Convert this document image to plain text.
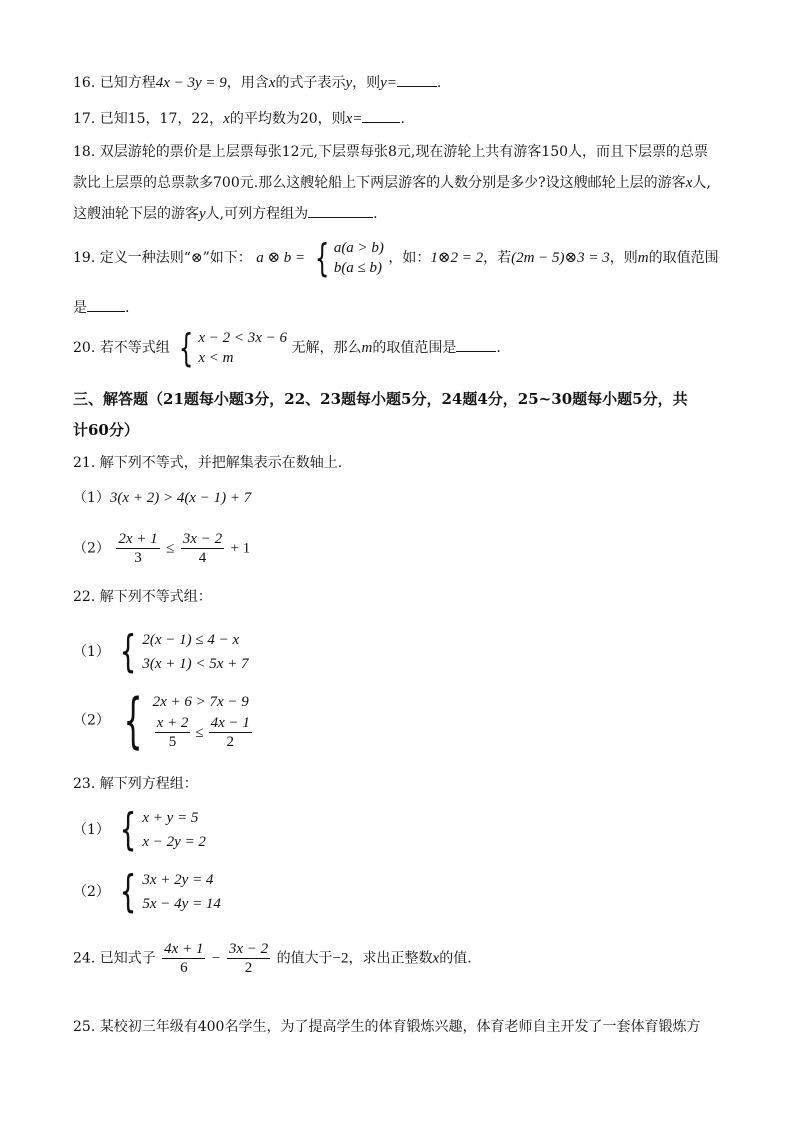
16. 已知方程4x − 3y = 9，用含x的式子表示y，则y=	.
17. 已知15，17，22，x的平均数为20，则x=	.
18. 双层游轮的票价是上层票每张12元,下层票每张8元,现在游轮上共有游客150人，而且下层票的总票
款比上层票的总票款多700元.那么这艘轮船上下两层游客的人数分别是多少?设这艘邮轮上层的游客x人,
这艘油轮下层的游客y人,可列方程组为	.
19. 定义一种法则“⊗”如下： a ⊗ b = { a(a > b)
b(a ≤ b)
，如：1⊗2 = 2，若(2m − 5)⊗3 = 3，则m的取值范围
是	.
20. 若不等式组 { x − 2 < 3x − 6
x < m
无解，那么m的取值范围是	.
三、解答题（21题每小题3分，22、23题每小题5分，24题4分，25~30题每小题5分，共
计60分）
21. 解下列不等式，并把解集表示在数轴上.
（1）3(x + 2) > 4(x − 1) + 7
$(2) \frac{2x + 1}{3} \le \frac{3x - 2}{4} + 1$
22. 解下列不等式组：
（1） { 2(x − 1) ≤ 4 − x
3(x + 1) < 5x + 7
（2） { 2x + 6 > 7x − 9
$\frac{x + 2}{5} \le \frac{4x - 1}{2}$
23. 解下列方程组：
（1） { x + y = 5
x − 2y = 2
（2） { 3x + 2y = 4
5x − 4y = 14
24. 已知式子 $\frac{4x + 1}{6} - \frac{3x - 2}{2}$ 的值大于−2，求出正整数x的值.
25. 某校初三年级有400名学生，为了提高学生的体育锻炼兴趣，体育老师自主开发了一套体育锻炼方
